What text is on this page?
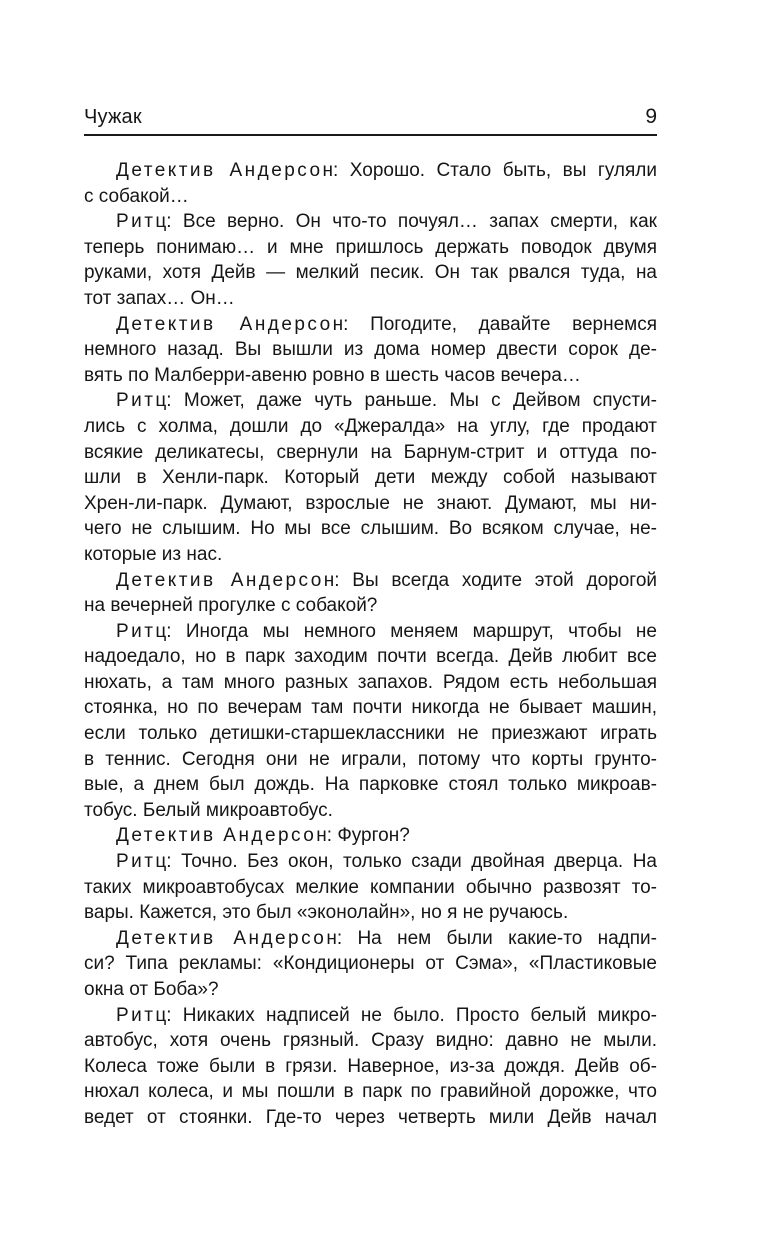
Чужак	9
Детектив Андерсон: Хорошо. Стало быть, вы гуляли
с собакой…
Ритц: Все верно. Он что-то почуял… запах смерти, как
теперь понимаю… и мне пришлось держать поводок двумя
руками, хотя Дейв — мелкий песик. Он так рвался туда, на
тот запах… Он…
Детектив Андерсон: Погодите, давайте вернемся
немного назад. Вы вышли из дома номер двести сорок де-
вять по Малберри-авеню ровно в шесть часов вечера…
Ритц: Может, даже чуть раньше. Мы с Дейвом спусти-
лись с холма, дошли до «Джералда» на углу, где продают
всякие деликатесы, свернули на Барнум-стрит и оттуда по-
шли в Хенли-парк. Который дети между собой называют
Хрен-ли-парк. Думают, взрослые не знают. Думают, мы ни-
чего не слышим. Но мы все слышим. Во всяком случае, не-
которые из нас.
Детектив Андерсон: Вы всегда ходите этой дорогой
на вечерней прогулке с собакой?
Ритц: Иногда мы немного меняем маршрут, чтобы не
надоедало, но в парк заходим почти всегда. Дейв любит все
нюхать, а там много разных запахов. Рядом есть небольшая
стоянка, но по вечерам там почти никогда не бывает машин,
если только детишки-старшеклассники не приезжают играть
в теннис. Сегодня они не играли, потому что корты грунто-
вые, а днем был дождь. На парковке стоял только микроав-
тобус. Белый микроавтобус.
Детектив Андерсон: Фургон?
Ритц: Точно. Без окон, только сзади двойная дверца. На
таких микроавтобусах мелкие компании обычно развозят то-
вары. Кажется, это был «эконолайн», но я не ручаюсь.
Детектив Андерсон: На нем были какие-то надпи-
си? Типа рекламы: «Кондиционеры от Сэма», «Пластиковые
окна от Боба»?
Ритц: Никаких надписей не было. Просто белый микро-
автобус, хотя очень грязный. Сразу видно: давно не мыли.
Колеса тоже были в грязи. Наверное, из-за дождя. Дейв об-
нюхал колеса, и мы пошли в парк по гравийной дорожке, что
ведет от стоянки. Где-то через четверть мили Дейв начал
